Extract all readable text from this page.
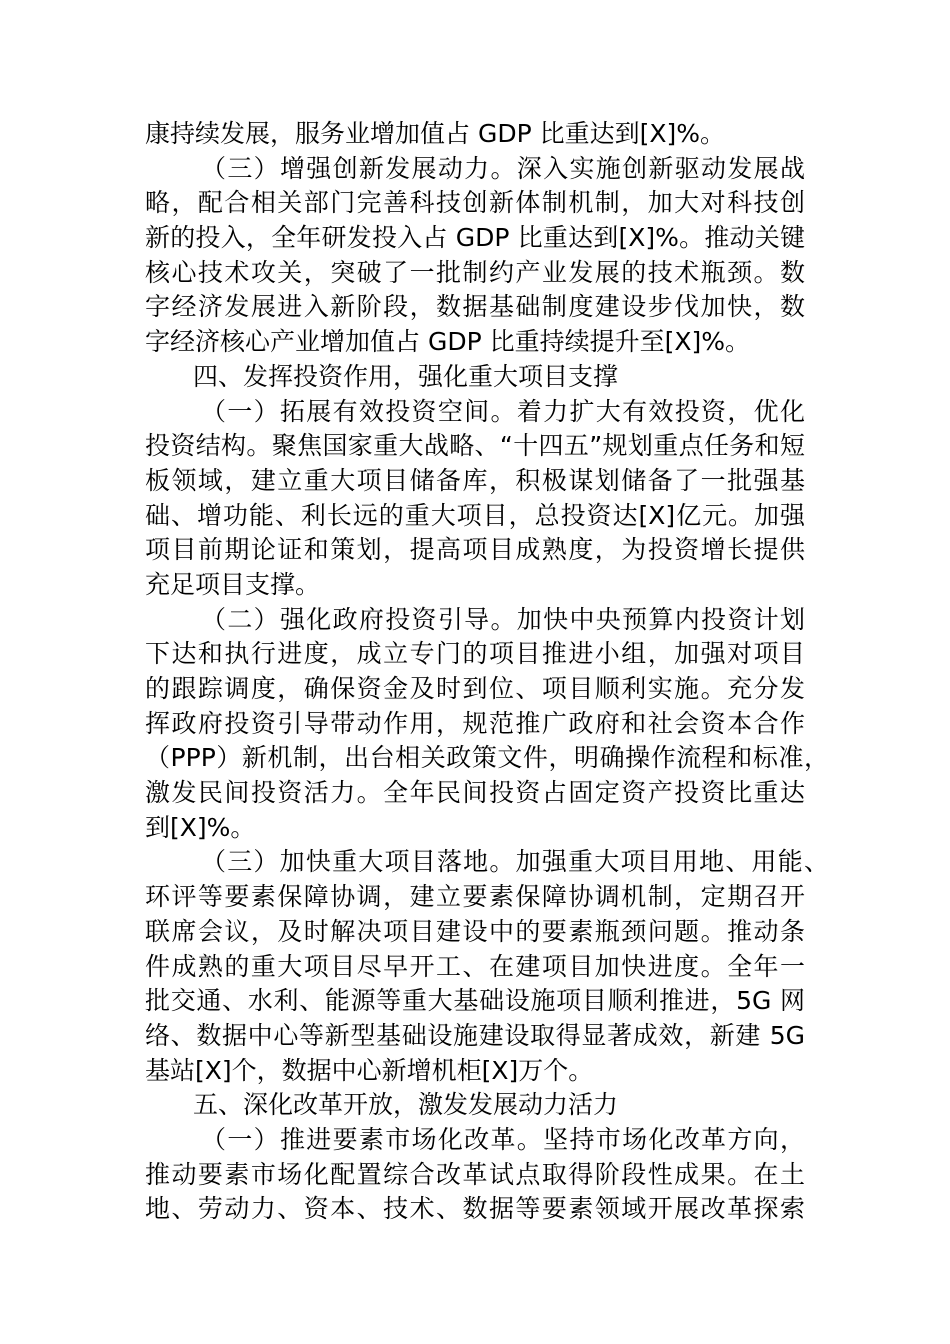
康持续发展，服务业增加值占 GDP 比重达到[X]%。
（三）增强创新发展动力。深入实施创新驱动发展战
略，配合相关部门完善科技创新体制机制，加大对科技创
新的投入，全年研发投入占 GDP 比重达到[X]%。推动关键
核心技术攻关，突破了一批制约产业发展的技术瓶颈。数
字经济发展进入新阶段，数据基础制度建设步伐加快，数
字经济核心产业增加值占 GDP 比重持续提升至[X]%。
四、发挥投资作用，强化重大项目支撑
（一）拓展有效投资空间。着力扩大有效投资，优化
投资结构。聚焦国家重大战略、“十四五”规划重点任务和短
板领域，建立重大项目储备库，积极谋划储备了一批强基
础、增功能、利长远的重大项目，总投资达[X]亿元。加强
项目前期论证和策划，提高项目成熟度，为投资增长提供
充足项目支撑。
（二）强化政府投资引导。加快中央预算内投资计划
下达和执行进度，成立专门的项目推进小组，加强对项目
的跟踪调度，确保资金及时到位、项目顺利实施。充分发
挥政府投资引导带动作用，规范推广政府和社会资本合作
（PPP）新机制，出台相关政策文件，明确操作流程和标准，
激发民间投资活力。全年民间投资占固定资产投资比重达
到[X]%。
（三）加快重大项目落地。加强重大项目用地、用能、
环评等要素保障协调，建立要素保障协调机制，定期召开
联席会议，及时解决项目建设中的要素瓶颈问题。推动条
件成熟的重大项目尽早开工、在建项目加快进度。全年一
批交通、水利、能源等重大基础设施项目顺利推进，5G 网
络、数据中心等新型基础设施建设取得显著成效，新建 5G
基站[X]个，数据中心新增机柜[X]万个。
五、深化改革开放，激发发展动力活力
（一）推进要素市场化改革。坚持市场化改革方向，
推动要素市场化配置综合改革试点取得阶段性成果。在土
地、劳动力、资本、技术、数据等要素领域开展改革探索
